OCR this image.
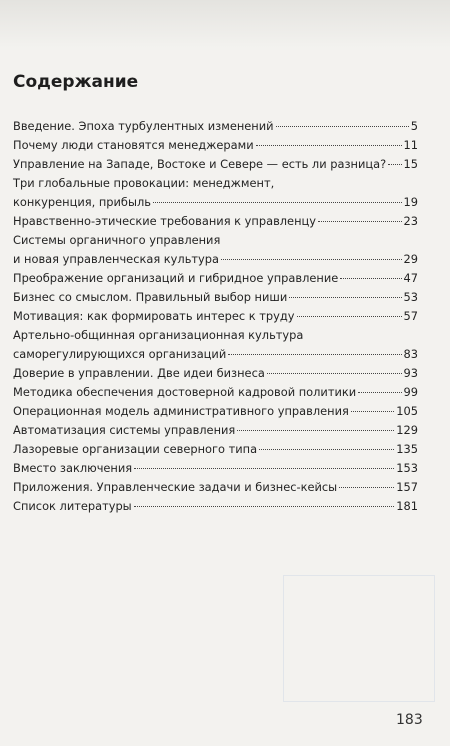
Содержание
Введение. Эпоха турбулентных изменений	5
Почему люди становятся менеджерами	11
Управление на Западе, Востоке и Севере — есть ли разница? 15
Три глобальные провокации: менеджмент,
конкуренция, прибыль	19
Нравственно-этические требования к управленцу	23
Системы органичного управления
и новая управленческая культура	29
Преображение организаций и гибридное управление	47
Бизнес со смыслом. Правильный выбор ниши	53
Мотивация: как формировать интерес к труду	57
Артельно-общинная организационная культура
саморегулирующихся организаций	83
Доверие в управлении. Две идеи бизнеса	93
Методика обеспечения достоверной кадровой политики	99
Операционная модель административного управления	105
Автоматизация системы управления	129
Лазоревые организации северного типа	135
Вместо заключения	153
Приложения. Управленческие задачи и бизнес-кейсы	157
Список литературы	181
183
